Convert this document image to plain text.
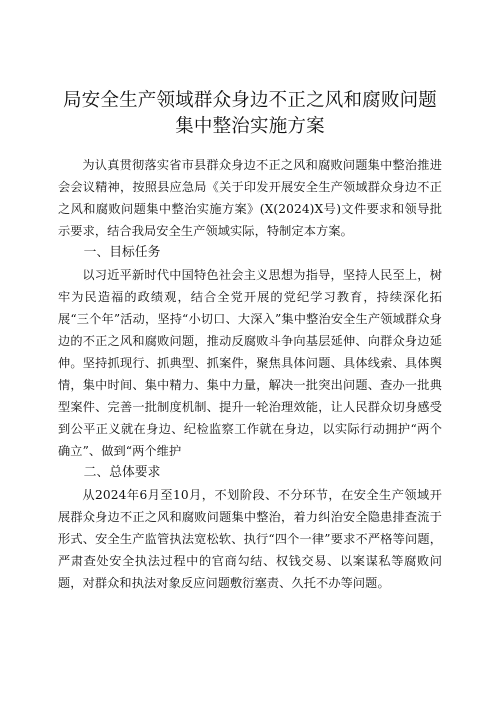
局安全生产领域群众身边不正之风和腐败问题
集中整治实施方案

为认真贯彻落实省市县群众身边不正之风和腐败问题集中整治推进会会议精神，按照县应急局《关于印发开展安全生产领域群众身边不正之风和腐败问题集中整治实施方案》(X(2024)X号)文件要求和领导批示要求，结合我局安全生产领域实际，特制定本方案。

一、目标任务

以习近平新时代中国特色社会主义思想为指导，坚持人民至上，树牢为民造福的政绩观，结合全党开展的党纪学习教育，持续深化拓展“三个年”活动，坚持“小切口、大深入”集中整治安全生产领域群众身边的不正之风和腐败问题，推动反腐败斗争向基层延伸、向群众身边延伸。坚持抓现行、抓典型、抓案件，聚焦具体问题、具体线索、具体舆情，集中时间、集中精力、集中力量，解决一批突出问题、查办一批典型案件、完善一批制度机制、提升一轮治理效能，让人民群众切身感受到公平正义就在身边、纪检监察工作就在身边，以实际行动拥护“两个确立”、做到“两个维护

二、总体要求

从2024年6月至10月，不划阶段、不分环节，在安全生产领域开展群众身边不正之风和腐败问题集中整治，着力纠治安全隐患排查流于形式、安全生产监管执法宽松软、执行“四个一律”要求不严格等问题，严肃查处安全执法过程中的官商勾结、权钱交易、以案谋私等腐败问题，对群众和执法对象反应问题敷衍塞责、久托不办等问题。
